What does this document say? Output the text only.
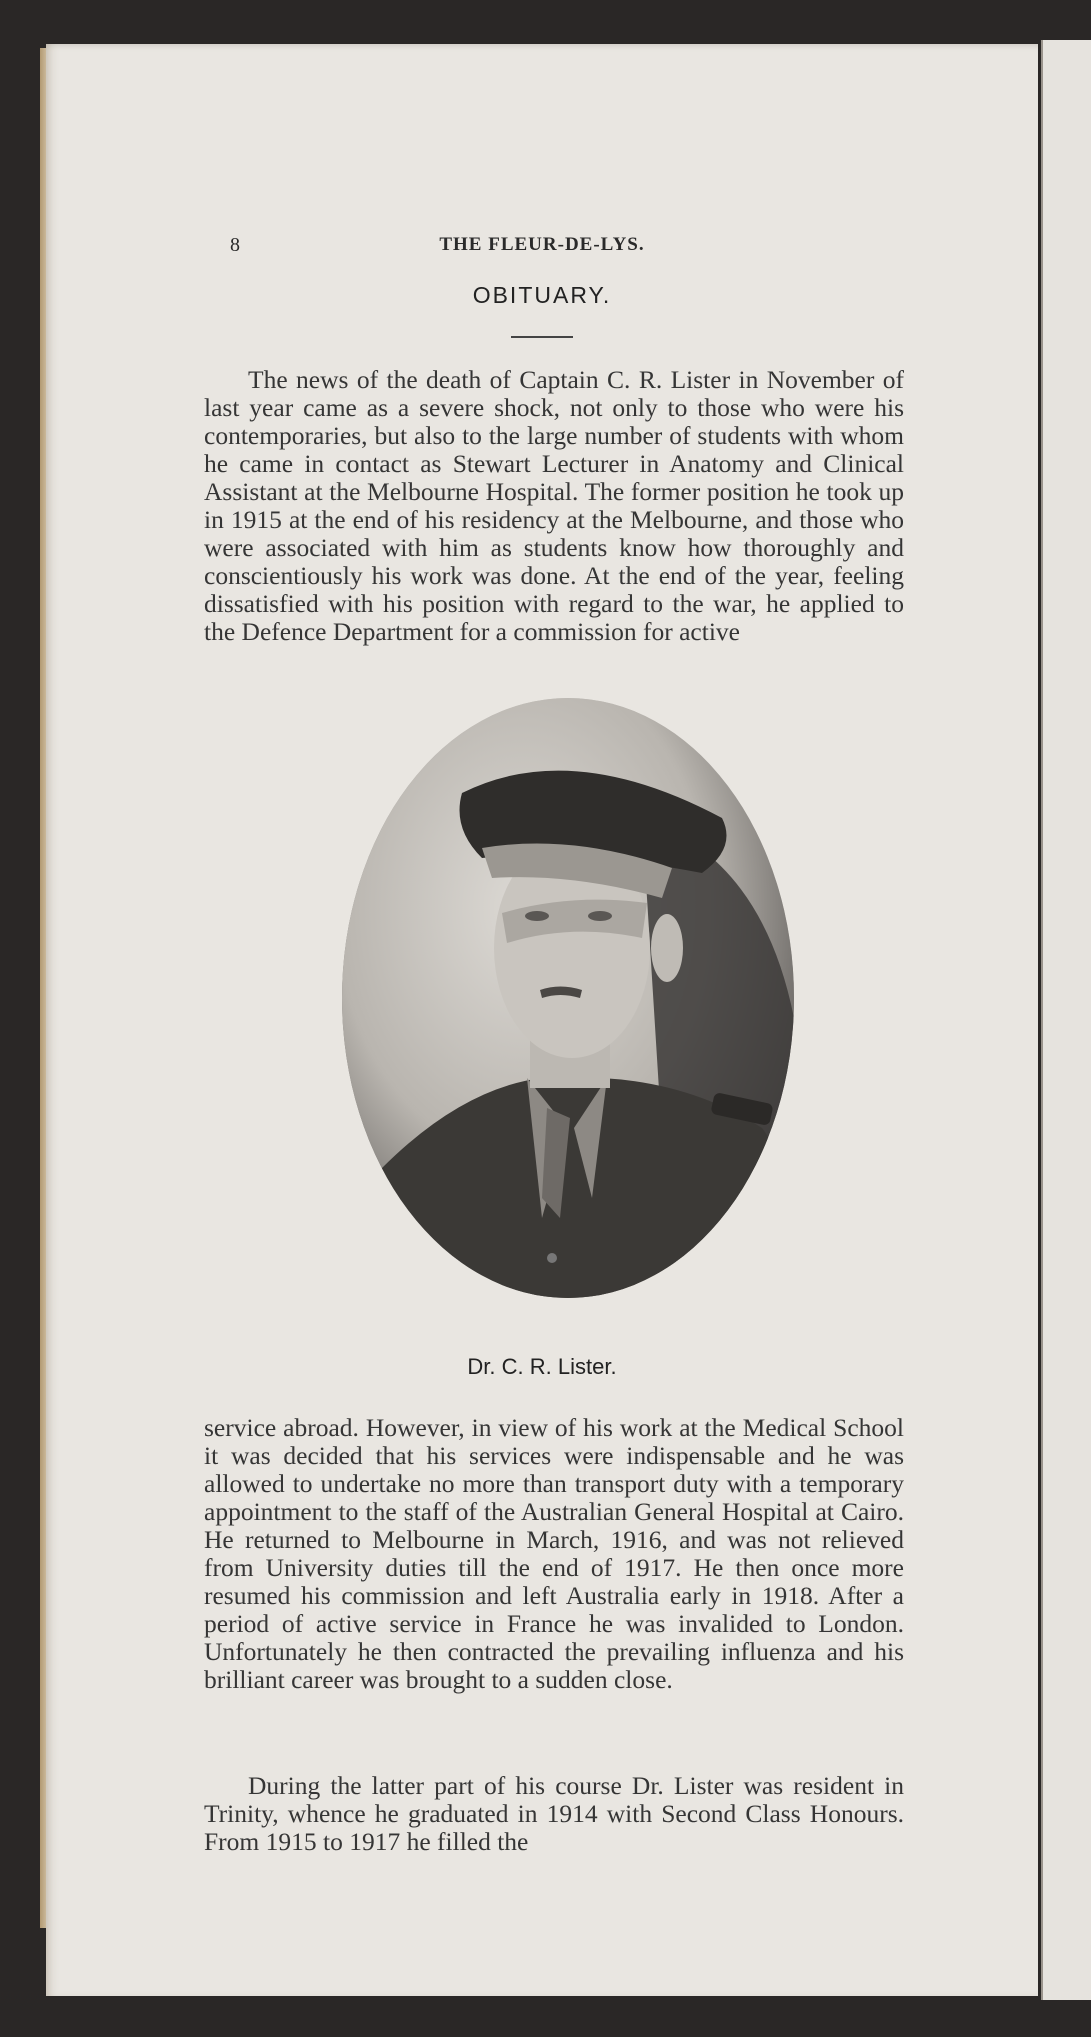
8	THE FLEUR-DE-LYS.
OBITUARY.

The news of the death of Captain C. R. Lister in November of last year came as a severe shock, not only to those who were his contemporaries, but also to the large number of students with whom he came in contact as Stewart Lecturer in Anatomy and Clinical Assistant at the Melbourne Hospital. The former position he took up in 1915 at the end of his residency at the Melbourne, and those who were associated with him as students know how thoroughly and conscientiously his work was done. At the end of the year, feeling dissatisfied with his position with regard to the war, he applied to the Defence Department for a commission for active

Dr. C. R. Lister.

service abroad. However, in view of his work at the Medical School it was decided that his services were indispensable and he was allowed to undertake no more than transport duty with a temporary appointment to the staff of the Australian General Hospital at Cairo. He returned to Melbourne in March, 1916, and was not relieved from University duties till the end of 1917. He then once more resumed his commission and left Australia early in 1918. After a period of active service in France he was invalided to London. Unfortunately he then contracted the prevailing influenza and his brilliant career was brought to a sudden close.

During the latter part of his course Dr. Lister was resident in Trinity, whence he graduated in 1914 with Second Class Honours. From 1915 to 1917 he filled the
